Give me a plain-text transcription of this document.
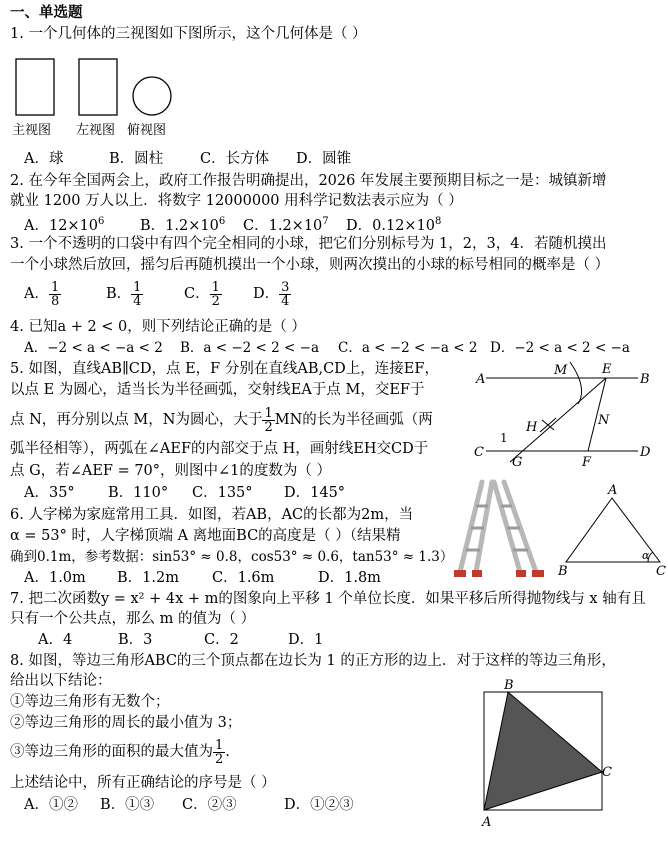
一、单选题
1. 一个几何体的三视图如下图所示，这个几何体是（ ）
主视图 左视图 俯视图
A．球	B．圆柱	C．长方体 D．圆锥
2. 在今年全国两会上，政府工作报告明确提出，2026 年发展主要预期目标之一是：城镇新增
就业 1200 万人以上．将数字 12000000 用科学记数法表示应为（ ）
A．$12\times 10^6$ B．$1.2\times 10^6$ C．$1.2\times 10^7$ D．$0.12\times 10^8$
3. 一个不透明的口袋中有四个完全相同的小球，把它们分别标号为 1，2，3，4．若随机摸出
一个小球然后放回，摇匀后再随机摸出一个小球，则两次摸出的小球的标号相同的概率是（ ）
A． $\frac{1}{8}$	B． $\frac{1}{4}$	C． $\frac{1}{2}$ D． $\frac{3}{4}$
4. 已知a + 2 < 0，则下列结论正确的是（ ）
A．−2 < a < −a < 2 B．a < −2 < 2 < −a C．a < −2 < −a < 2 D．−2 < a < 2 < −a
5. 如图，直线AB∥CD，点 E，F 分别在直线AB,CD上，连接EF，
以点 E 为圆心，适当长为半径画弧，交射线EA于点 M，交EF于
点 N，再分别以点 M，N为圆心，大于 $\frac{1}{2}$ MN的长为半径画弧（两
弧半径相等），两弧在∠AEF的内部交于点 H，画射线EH交CD于
点 G，若∠AEF = 70°，则图中∠1的度数为（ ）
A．35° B．110° C．135° D．145°
A	B
C	D
M	E
N
H
G	F
1
6. 人字梯为家庭常用工具．如图，若AB，AC的长都为2m，当
α = 53° 时，人字梯顶端 A 离地面BC的高度是（ ）（结果精
确到0.1m，参考数据：sin53° ≈ 0.8，cos53° ≈ 0.6，tan53° ≈ 1.3）
A．1.0m B．1.2m C．1.6m	D．1.8m
A
B	C
α
7. 把二次函数y = x² + 4x + m的图象向上平移 1 个单位长度．如果平移后所得抛物线与 x 轴有且
只有一个公共点，那么 m 的值为（ ）
A．4	B．3	C．2	D．1
8. 如图，等边三角形ABC的三个顶点都在边长为 1 的正方形的边上．对于这样的等边三角形，
给出以下结论：
①等边三角形有无数个；
②等边三角形的周长的最小值为 3；
③等边三角形的面积的最大值为 $\frac{1}{2}$ .
上述结论中，所有正确结论的序号是（ ）
A．①② B．①③ C．②③	D．①②③
B
C
A
